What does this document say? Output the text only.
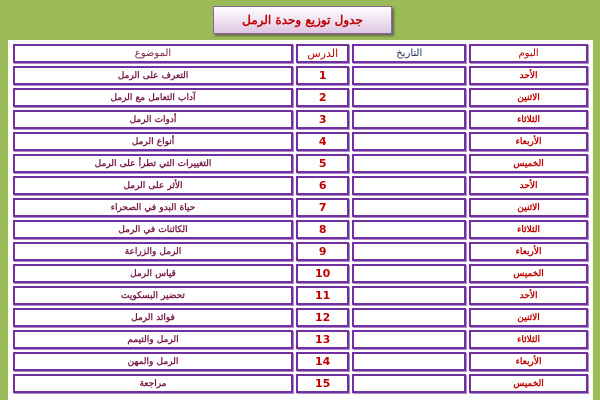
جدول توزيع وحدة الرمل
اليوم	التاريخ	الدرس	الموضوع
الأحد		1	التعرف على الرمل
الاثنين		2	آداب التعامل مع الرمل
الثلاثاء		3	أدوات الرمل
الأربعاء		4	أنواع الرمل
الخميس		5	التغييرات التي تطرأ على الرمل
الأحد		6	الأثر على الرمل
الاثنين		7	حياة البدو في الصحراء
الثلاثاء		8	الكائنات في الرمل
الأربعاء		9	الرمل والزراعة
الخميس		10	قياس الرمل
الأحد		11	تحضير البسكويت
الاثنين		12	فوائد الرمل
الثلاثاء		13	الرمل والتيمم
الأربعاء		14	الرمل والمهن
الخميس		15	مراجعة
